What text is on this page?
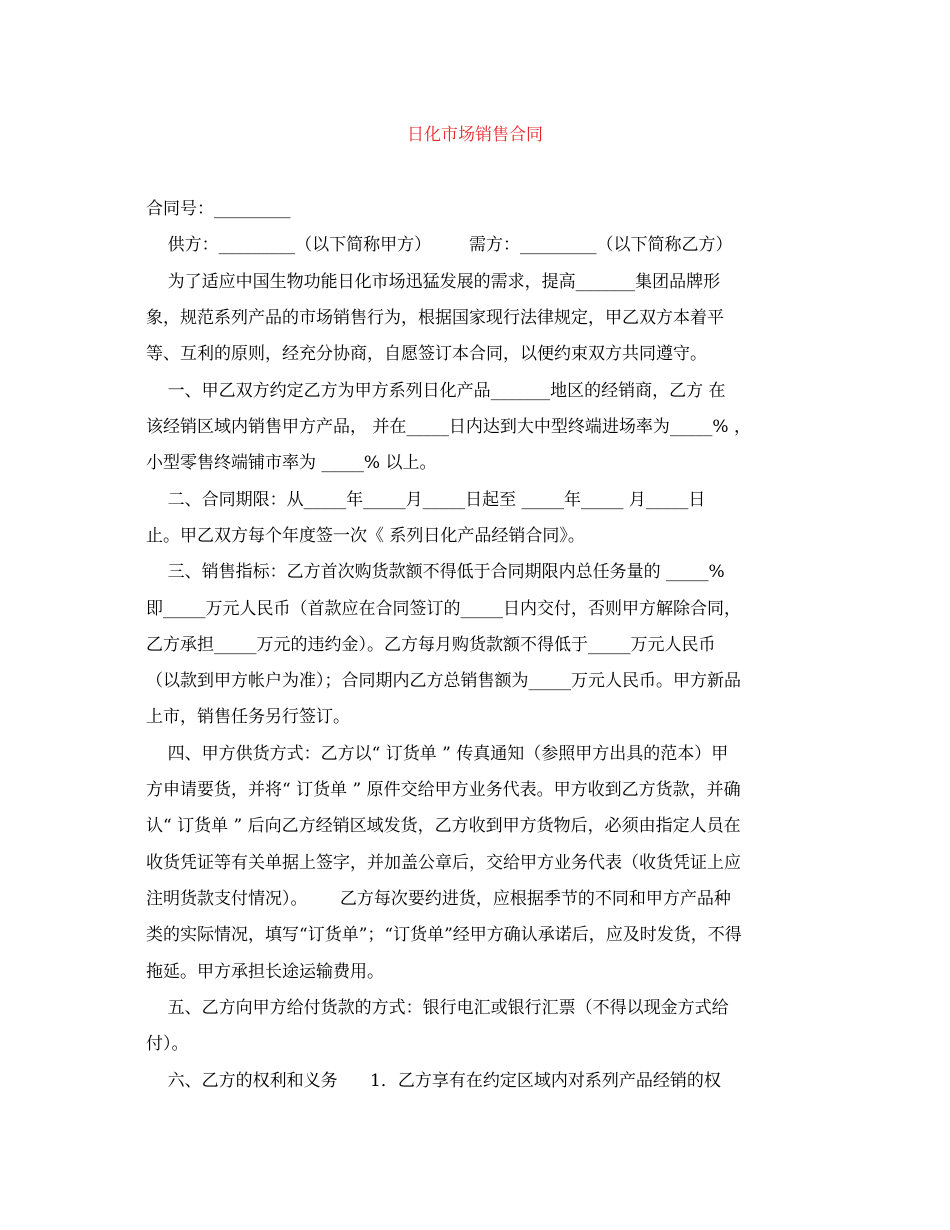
日化市场销售合同
合同号：_________
供方：_________（以下简称甲方）       需方：_________（以下简称乙方）
为了适应中国生物功能日化市场迅猛发展的需求，提高_______集团品牌形
象，规范系列产品的市场销售行为，根据国家现行法律规定，甲乙双方本着平
等、互利的原则，经充分协商，自愿签订本合同，以便约束双方共同遵守。
一、甲乙双方约定乙方为甲方系列日化产品_______地区的经销商，乙方 在
该经销区域内销售甲方产品， 并在_____日内达到大中型终端进场率为_____% ，
小型零售终端铺市率为 _____% 以上。
二、合同期限：从_____年_____月_____日起至 _____年_____ 月_____日
止。甲乙双方每个年度签一次《 系列日化产品经销合同》。
三、销售指标：乙方首次购货款额不得低于合同期限内总任务量的 _____%
即_____万元人民币（首款应在合同签订的_____日内交付，否则甲方解除合同，
乙方承担_____万元的违约金）。乙方每月购货款额不得低于_____万元人民币
（以款到甲方帐户为准）；合同期内乙方总销售额为_____万元人民币。甲方新品
上市，销售任务另行签订。
四、甲方供货方式：乙方以“ 订货单 ” 传真通知（参照甲方出具的范本）甲
方申请要货，并将“ 订货单 ” 原件交给甲方业务代表。甲方收到乙方货款，并确
认“ 订货单 ” 后向乙方经销区域发货，乙方收到甲方货物后，必须由指定人员在
收货凭证等有关单据上签字，并加盖公章后，交给甲方业务代表（收货凭证上应
注明货款支付情况）。      乙方每次要约进货，应根据季节的不同和甲方产品种
类的实际情况，填写“订货单”；“订货单”经甲方确认承诺后，应及时发货，不得
拖延。甲方承担长途运输费用。
五、乙方向甲方给付货款的方式：银行电汇或银行汇票（不得以现金方式给
付）。
六、乙方的权利和义务      1．乙方享有在约定区域内对系列产品经销的权
